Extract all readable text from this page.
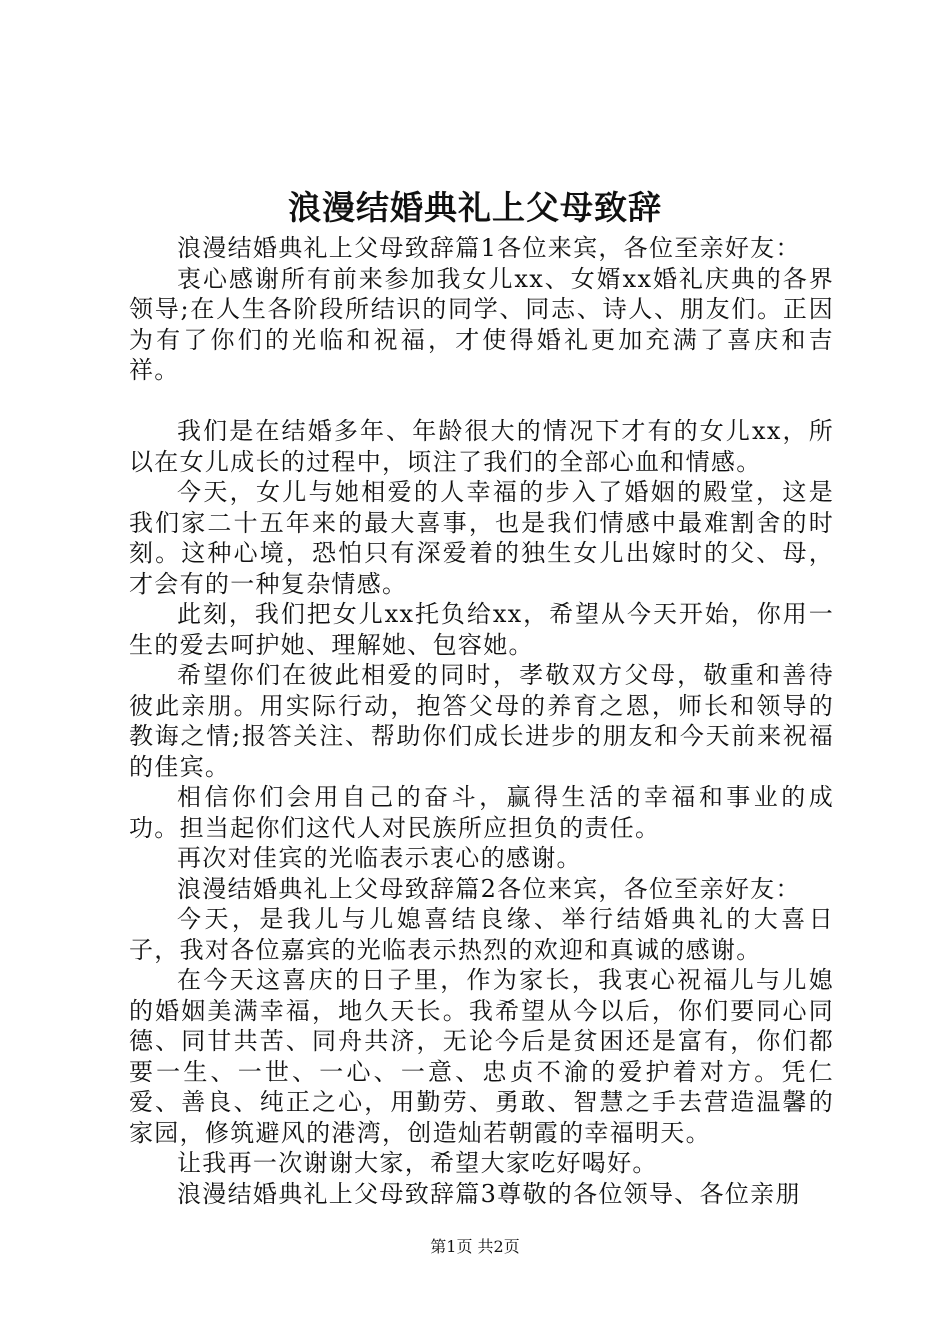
浪漫结婚典礼上父母致辞

浪漫结婚典礼上父母致辞篇1各位来宾，各位至亲好友：

衷心感谢所有前来参加我女儿xx、女婿xx婚礼庆典的各界领导;在人生各阶段所结识的同学、同志、诗人、朋友们。正因为有了你们的光临和祝福，才使得婚礼更加充满了喜庆和吉祥。

我们是在结婚多年、年龄很大的情况下才有的女儿xx，所以在女儿成长的过程中，顷注了我们的全部心血和情感。

今天，女儿与她相爱的人幸福的步入了婚姻的殿堂，这是我们家二十五年来的最大喜事，也是我们情感中最难割舍的时刻。这种心境，恐怕只有深爱着的独生女儿出嫁时的父、母，才会有的一种复杂情感。

此刻，我们把女儿xx托负给xx，希望从今天开始，你用一生的爱去呵护她、理解她、包容她。

希望你们在彼此相爱的同时，孝敬双方父母，敬重和善待彼此亲朋。用实际行动，抱答父母的养育之恩，师长和领导的教诲之情;报答关注、帮助你们成长进步的朋友和今天前来祝福的佳宾。

相信你们会用自己的奋斗，赢得生活的幸福和事业的成功。担当起你们这代人对民族所应担负的责任。

再次对佳宾的光临表示衷心的感谢。

浪漫结婚典礼上父母致辞篇2各位来宾，各位至亲好友：

今天，是我儿与儿媳喜结良缘、举行结婚典礼的大喜日子，我对各位嘉宾的光临表示热烈的欢迎和真诚的感谢。

在今天这喜庆的日子里，作为家长，我衷心祝福儿与儿媳的婚姻美满幸福，地久天长。我希望从今以后，你们要同心同德、同甘共苦、同舟共济，无论今后是贫困还是富有，你们都要一生、一世、一心、一意、忠贞不渝的爱护着对方。凭仁爱、善良、纯正之心，用勤劳、勇敢、智慧之手去营造温馨的家园，修筑避风的港湾，创造灿若朝霞的幸福明天。

让我再一次谢谢大家，希望大家吃好喝好。

浪漫结婚典礼上父母致辞篇3尊敬的各位领导、各位亲朋

第1页 共2页
